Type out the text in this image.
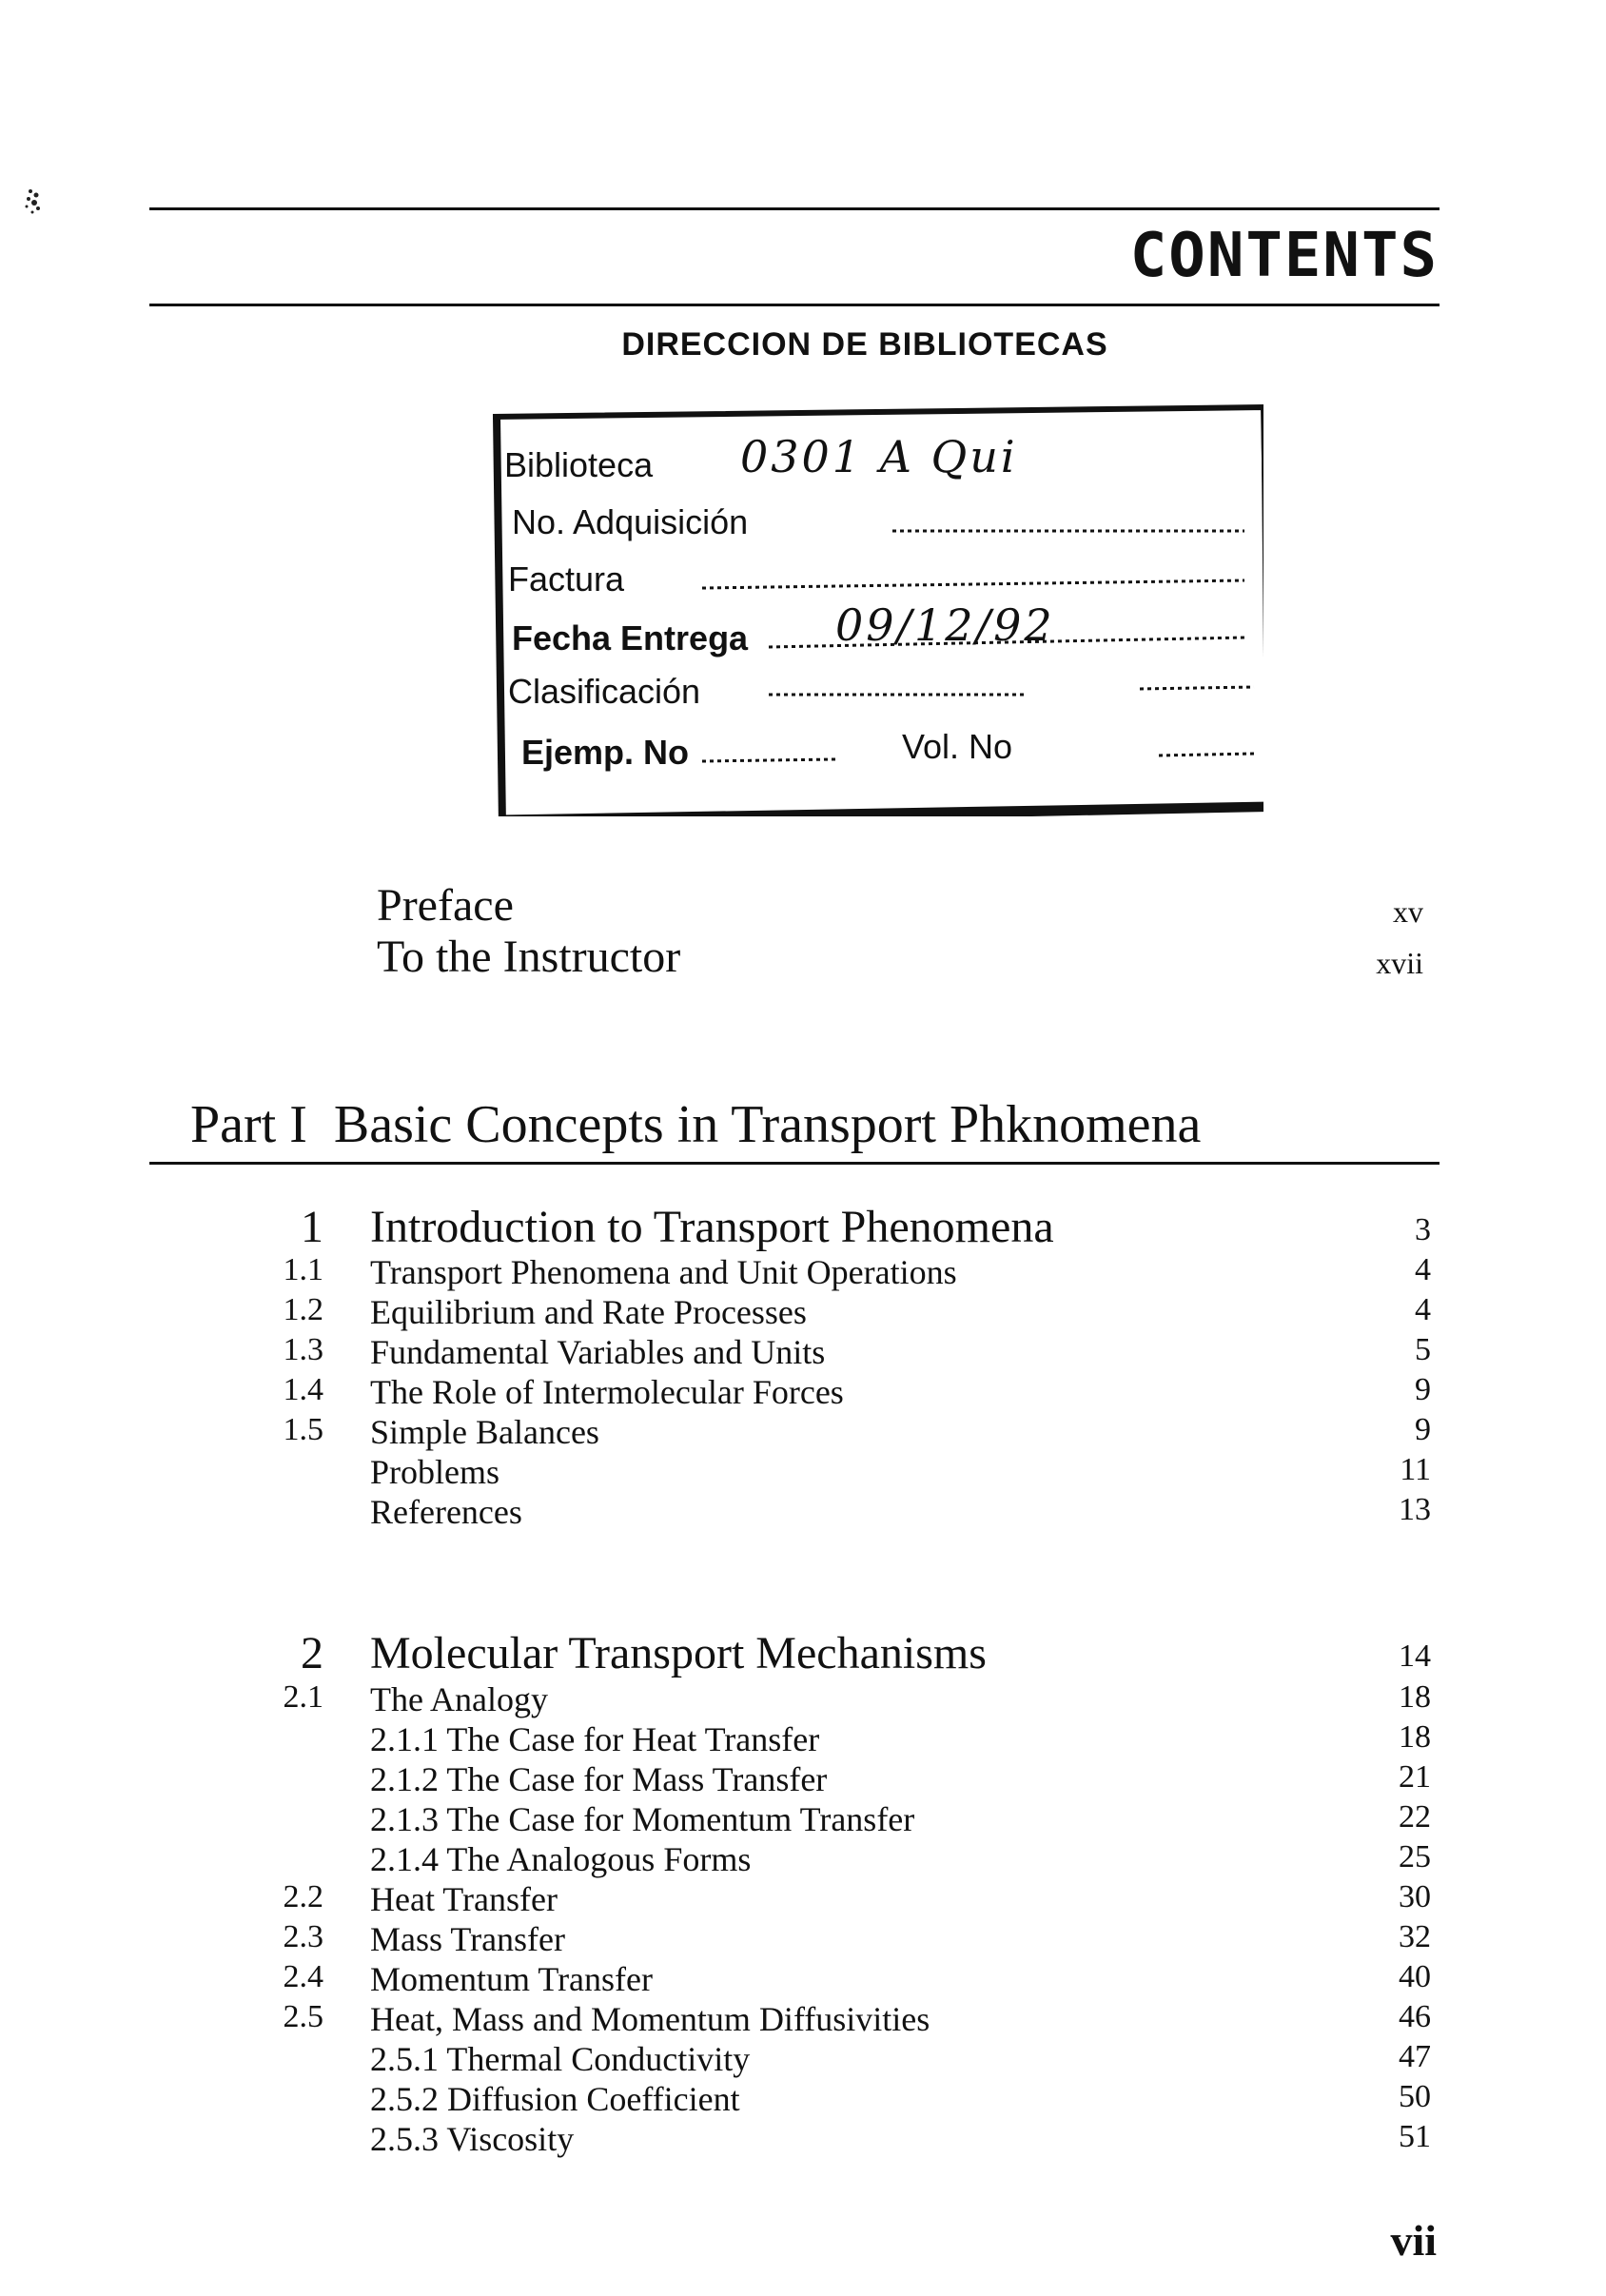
CONTENTS
DIRECCION DE BIBLIOTECAS
Biblioteca 0301 A Qui
No. Adquisición
Factura
Fecha Entrega 09/12/92
Clasificación
Ejemp. No	Vol. No
Preface	xv
To the Instructor	xvii
Part I Basic Concepts in Transport Phknomena
1 Introduction to Transport Phenomena	3
1.1 Transport Phenomena and Unit Operations	4
1.2 Equilibrium and Rate Processes	4
1.3 Fundamental Variables and Units	5
1.4 The Role of Intermolecular Forces	9
1.5 Simple Balances	9
Problems	11
References	13
2 Molecular Transport Mechanisms	14
2.1 The Analogy	18
2.1.1 The Case for Heat Transfer	18
2.1.2 The Case for Mass Transfer	21
2.1.3 The Case for Momentum Transfer	22
2.1.4 The Analogous Forms	25
2.2 Heat Transfer	30
2.3 Mass Transfer	32
2.4 Momentum Transfer	40
2.5 Heat, Mass and Momentum Diffusivities	46
2.5.1 Thermal Conductivity	47
2.5.2 Diffusion Coefficient	50
2.5.3 Viscosity	51
vii
